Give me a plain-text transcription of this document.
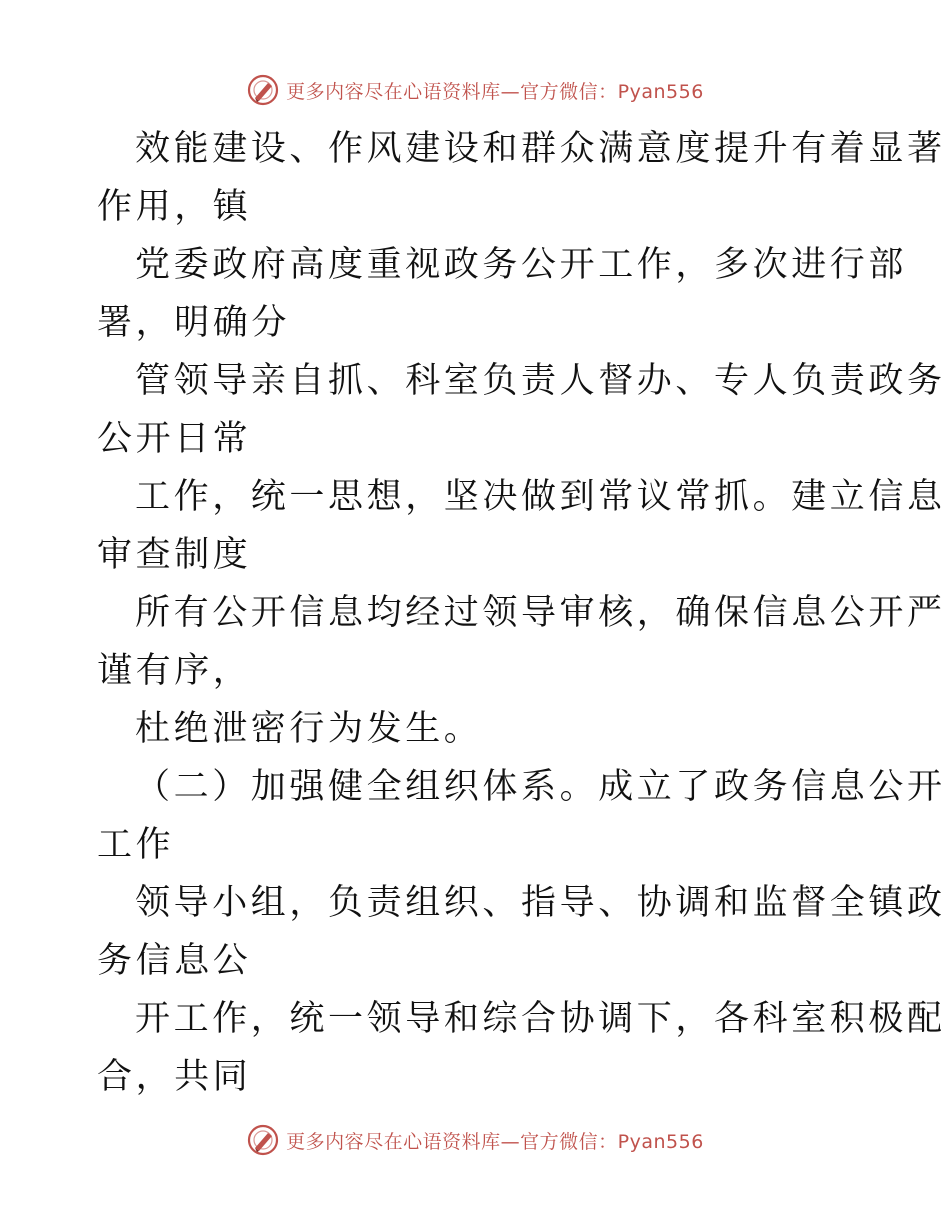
更多内容尽在心语资料库—官方微信：Pyan556
效能建设、作风建设和群众满意度提升有着显著
作用，镇
党委政府高度重视政务公开工作，多次进行部
署，明确分
管领导亲自抓、科室负责人督办、专人负责政务
公开日常
工作，统一思想，坚决做到常议常抓。建立信息
审查制度
所有公开信息均经过领导审核，确保信息公开严
谨有序，
杜绝泄密行为发生。
（二）加强健全组织体系。成立了政务信息公开
工作
领导小组，负责组织、指导、协调和监督全镇政
务信息公
开工作，统一领导和综合协调下，各科室积极配
合，共同
更多内容尽在心语资料库—官方微信：Pyan556
